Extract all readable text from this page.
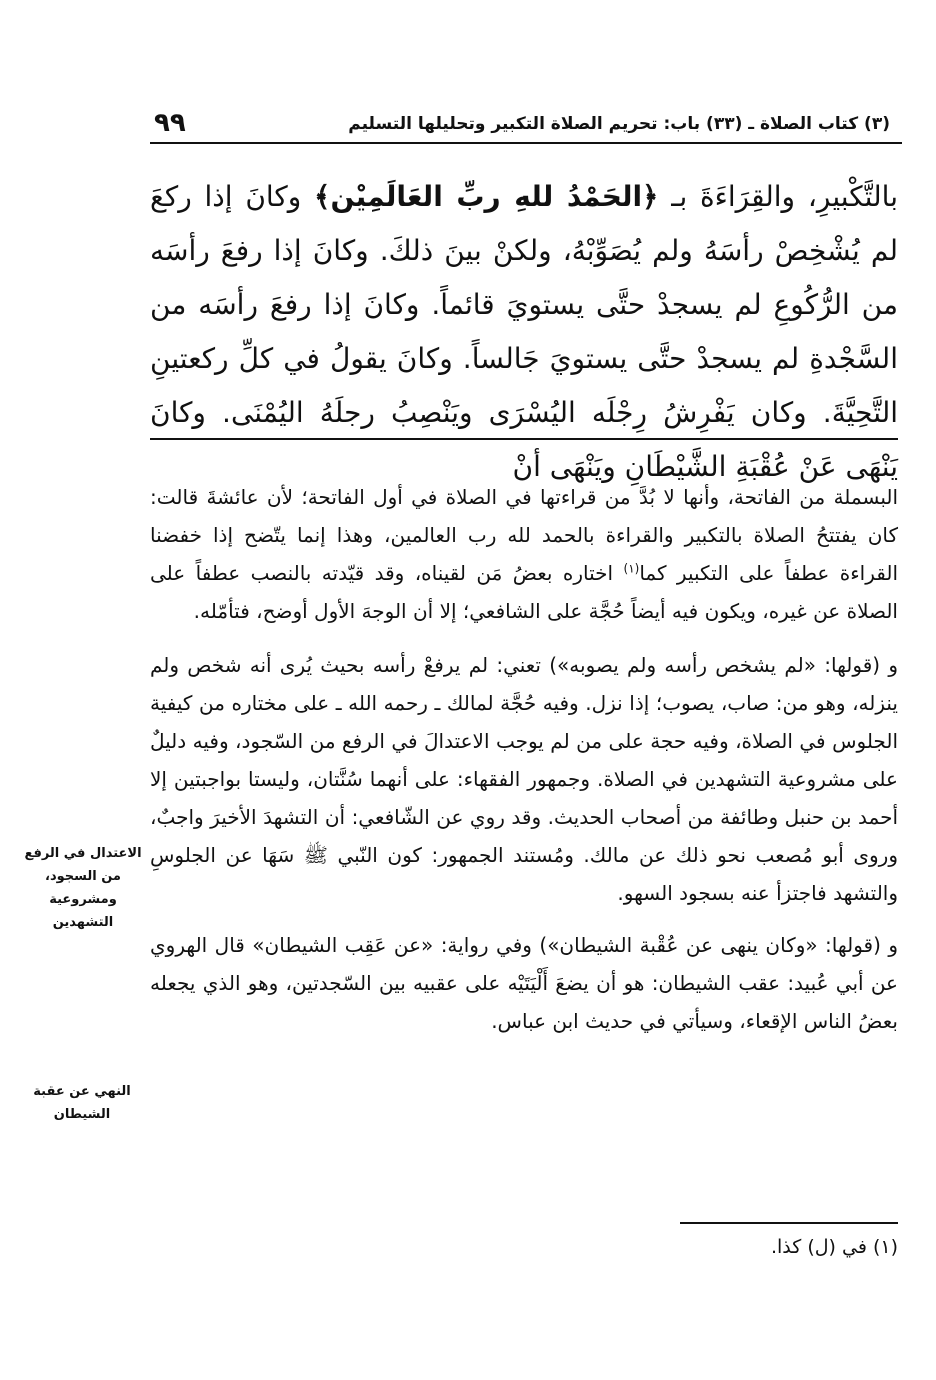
٩٩	(٣) كتاب الصلاة ـ (٣٣) باب: تحريم الصلاة التكبير وتحليلها التسليم

بالتَّكْبيرِ، والقِرَاءَةَ بـ ﴿الحَمْدُ للهِ ربِّ العَالَمِيْن﴾ وكانَ إذا ركعَ لم يُشْخِصْ رأسَهُ ولم يُصَوِّبْهُ، ولكنْ بينَ ذلكَ. وكانَ إذا رفعَ رأسَه من الرُّكُوعِ لم يسجدْ حتَّى يستويَ قائماً. وكانَ إذا رفعَ رأسَه من السَّجْدةِ لم يسجدْ حتَّى يستويَ جَالساً. وكانَ يقولُ في كلِّ ركعتينِ التَّحِيَّةَ. وكان يَفْرِشُ رِجْلَه اليُسْرَى ويَنْصِبُ رجلَهُ اليُمْنَى. وكانَ يَنْهَى عَنْ عُقْبَةِ الشَّيْطَانِ ويَنْهَى أنْ

البسملة من الفاتحة، وأنها لا بُدَّ من قراءتها في الصلاة في أول الفاتحة؛ لأن عائشةَ قالت: كان يفتتحُ الصلاة بالتكبير والقراءة بالحمد لله رب العالمين، وهذا إنما يتّضح إذا خفضنا القراءة عطفاً على التكبير كما$^{(١)}$ اختاره بعضُ مَن لقيناه، وقد قيّدته بالنصب عطفاً على الصلاة عن غيره، ويكون فيه أيضاً حُجَّة على الشافعي؛ إلا أن الوجهَ الأول أوضح، فتأمّله.

و (قولها: «لم يشخص رأسه ولم يصوبه») تعني: لم يرفعْ رأسه بحيث يُرى أنه شخص ولم ينزله، وهو من: صاب، يصوب؛ إذا نزل. وفيه حُجَّة لمالك ـ رحمه الله ـ على مختاره من كيفية الجلوس في الصلاة، وفيه حجة على من لم يوجب الاعتدالَ في الرفع من السّجود، وفيه دليلٌ على مشروعية التشهدين في الصلاة. وجمهور الفقهاء: على أنهما سُنَّتان، وليستا بواجبتين إلا أحمد بن حنبل وطائفة من أصحاب الحديث. وقد روي عن الشّافعي: أن التشهدَ الأخيرَ واجبٌ، وروى أبو مُصعب نحو ذلك عن مالك. ومُستند الجمهور: كون النّبي ﷺ سَهَا عن الجلوسِ والتشهد فاجتزأ عنه بسجود السهو.

و (قولها: «وكان ينهى عن عُقْبة الشيطان») وفي رواية: «عن عَقِب الشيطان» قال الهروي عن أبي عُبيد: عقب الشيطان: هو أن يضعَ أَلْيَتَيْه على عقبيه بين السّجدتين، وهو الذي يجعله بعضُ الناس الإقعاء، وسيأتي في حديث ابن عباس.

الاعتدال في الرفع من السجود، ومشروعية التشهدين
النهي عن عقبة الشيطان
(١) في (ل) كذا.
